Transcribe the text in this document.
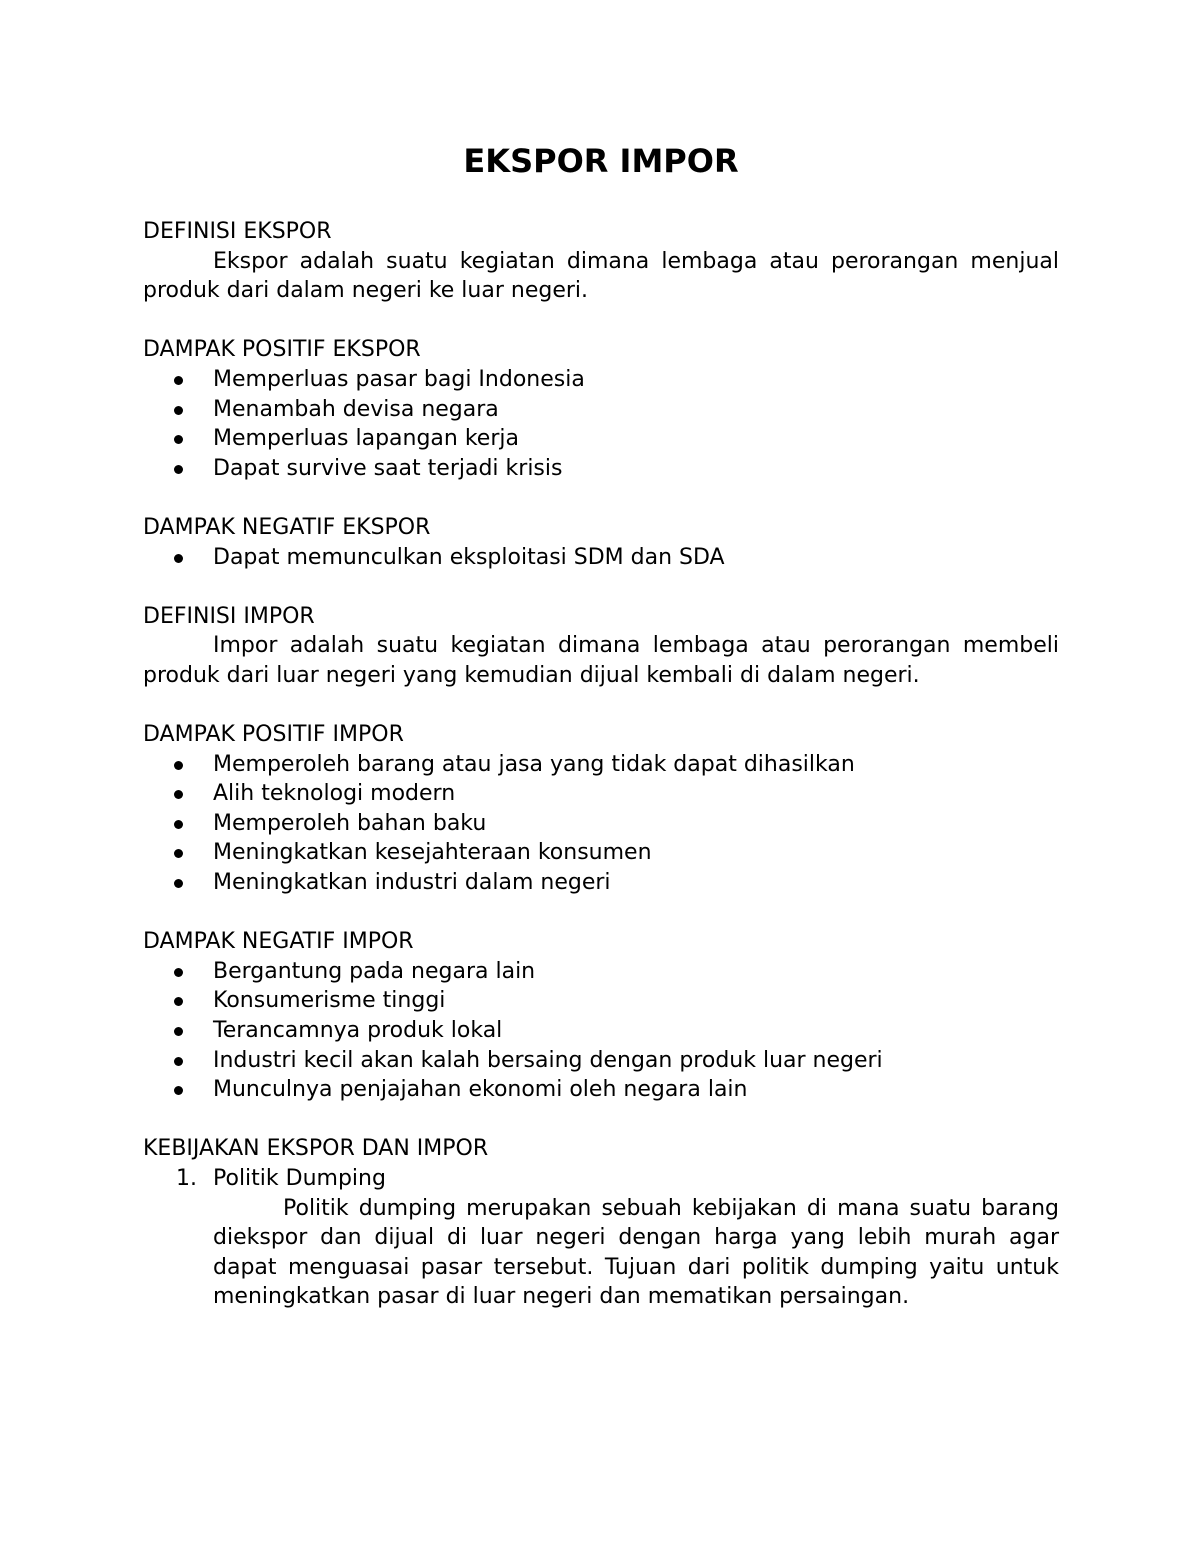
EKSPOR IMPOR

DEFINISI EKSPOR

Ekspor adalah suatu kegiatan dimana lembaga atau perorangan menjual produk dari dalam negeri ke luar negeri.

DAMPAK POSITIF EKSPOR

Memperluas pasar bagi Indonesia
Menambah devisa negara
Memperluas lapangan kerja
Dapat survive saat terjadi krisis

DAMPAK NEGATIF EKSPOR

Dapat memunculkan eksploitasi SDM dan SDA

DEFINISI IMPOR

Impor adalah suatu kegiatan dimana lembaga atau perorangan membeli produk dari luar negeri yang kemudian dijual kembali di dalam negeri.

DAMPAK POSITIF IMPOR

Memperoleh barang atau jasa yang tidak dapat dihasilkan
Alih teknologi modern
Memperoleh bahan baku
Meningkatkan kesejahteraan konsumen
Meningkatkan industri dalam negeri

DAMPAK NEGATIF IMPOR

Bergantung pada negara lain
Konsumerisme tinggi
Terancamnya produk lokal
Industri kecil akan kalah bersaing dengan produk luar negeri
Munculnya penjajahan ekonomi oleh negara lain

KEBIJAKAN EKSPOR DAN IMPOR

1. Politik Dumping

Politik dumping merupakan sebuah kebijakan di mana suatu barang diekspor dan dijual di luar negeri dengan harga yang lebih murah agar dapat menguasai pasar tersebut. Tujuan dari politik dumping yaitu untuk meningkatkan pasar di luar negeri dan mematikan persaingan.
